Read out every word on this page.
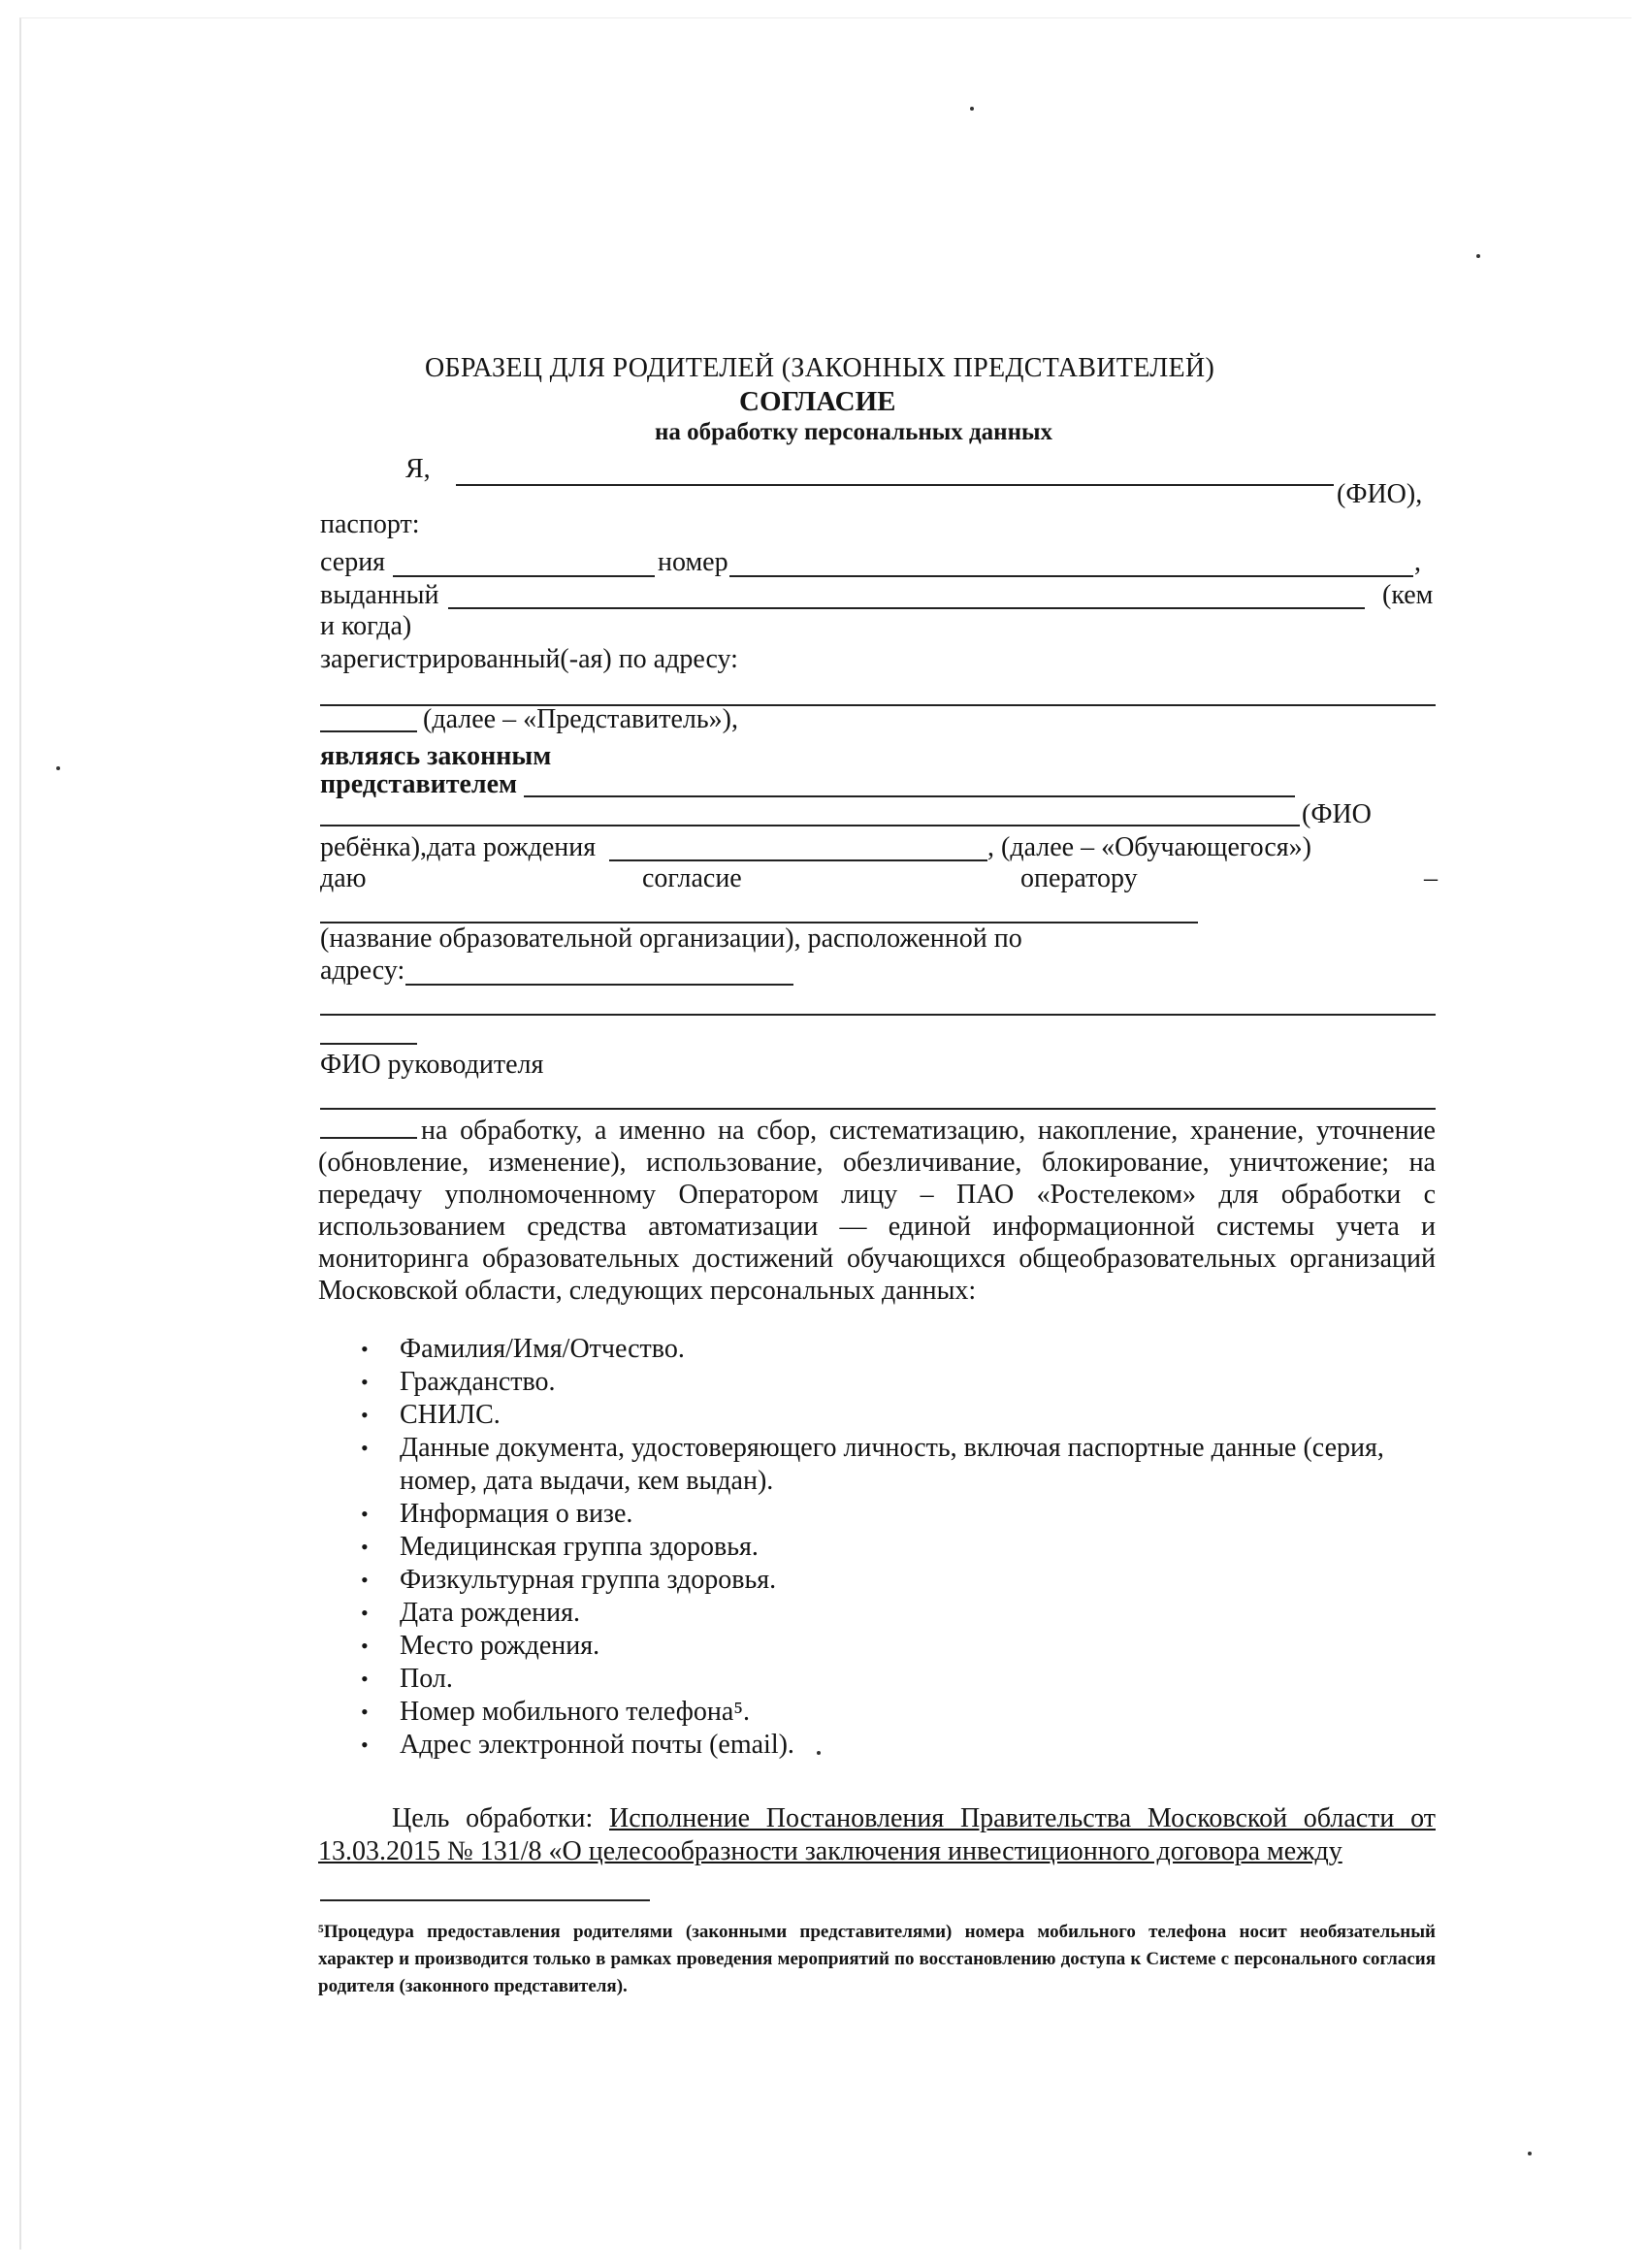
ОБРАЗЕЦ ДЛЯ РОДИТЕЛЕЙ (ЗАКОННЫХ ПРЕДСТАВИТЕЛЕЙ)
СОГЛАСИЕ
на обработку персональных данных
Я,
(ФИО),
паспорт:
серия	номер	,
выданный	(кем
и когда)
зарегистрированный(-ая) по адресу:
(далее – «Представитель»),
являясь законным
представителем
(ФИО
ребёнка),дата рождения	, (далее – «Обучающегося»)
даю	согласие	оператору	–
(название образовательной организации), расположенной по
адресу:
ФИО руководителя
на обработку, а именно на сбор, систематизацию, накопление, хранение, уточнение (обновление, изменение), использование, обезличивание, блокирование, уничтожение; на передачу уполномоченному Оператором лицу – ПАО «Ростелеком» для обработки с использованием средства автоматизации — единой информационной системы учета и мониторинга образовательных достижений обучающихся общеобразовательных организаций Московской области, следующих персональных данных:
• Фамилия/Имя/Отчество.
• Гражданство.
• СНИЛС.
• Данные документа, удостоверяющего личность, включая паспортные данные (серия, номер, дата выдачи, кем выдан).
• Информация о визе.
• Медицинская группа здоровья.
• Физкультурная группа здоровья.
• Дата рождения.
• Место рождения.
• Пол.
• Номер мобильного телефона⁵.
• Адрес электронной почты (email).
Цель обработки: Исполнение Постановления Правительства Московской области от 13.03.2015 № 131/8 «О целесообразности заключения инвестиционного договора между
⁵Процедура предоставления родителями (законными представителями) номера мобильного телефона носит необязательный характер и производится только в рамках проведения мероприятий по восстановлению доступа к Системе с персонального согласия родителя (законного представителя).
